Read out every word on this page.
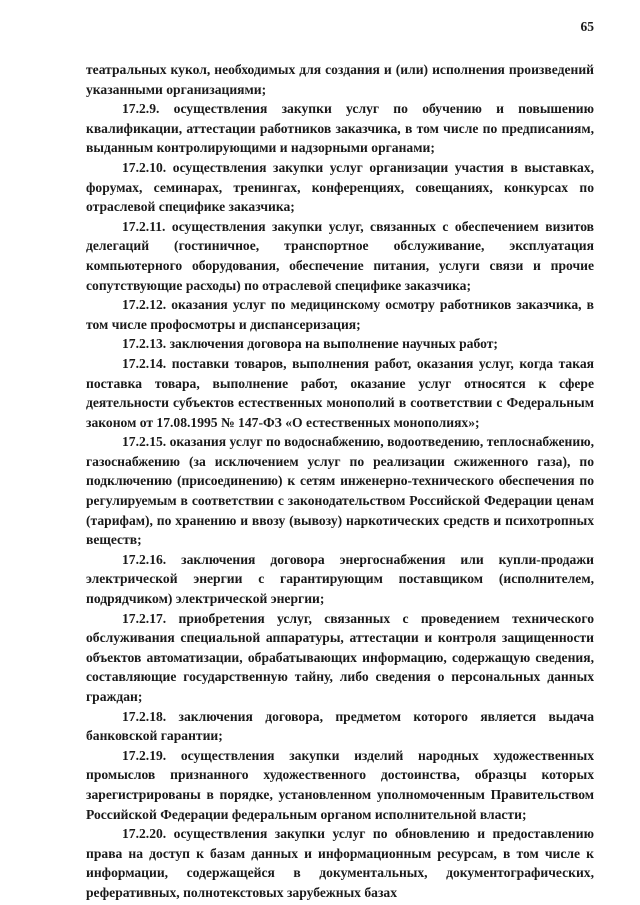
65

театральных кукол, необходимых для создания и (или) исполнения произведений указанными организациями;

17.2.9. осуществления закупки услуг по обучению и повышению квалификации, аттестации работников заказчика, в том числе по предписаниям, выданным контролирующими и надзорными органами;

17.2.10. осуществления закупки услуг организации участия в выставках, форумах, семинарах, тренингах, конференциях, совещаниях, конкурсах по отраслевой специфике заказчика;

17.2.11. осуществления закупки услуг, связанных с обеспечением визитов делегаций (гостиничное, транспортное обслуживание, эксплуатация компьютерного оборудования, обеспечение питания, услуги связи и прочие сопутствующие расходы) по отраслевой специфике заказчика;

17.2.12. оказания услуг по медицинскому осмотру работников заказчика, в том числе профосмотры и диспансеризация;

17.2.13. заключения договора на выполнение научных работ;

17.2.14. поставки товаров, выполнения работ, оказания услуг, когда такая поставка товара, выполнение работ, оказание услуг относятся к сфере деятельности субъектов естественных монополий в соответствии с Федеральным законом от 17.08.1995 № 147-ФЗ «О естественных монополиях»;

17.2.15. оказания услуг по водоснабжению, водоотведению, теплоснабжению, газоснабжению (за исключением услуг по реализации сжиженного газа), по подключению (присоединению) к сетям инженерно-технического обеспечения по регулируемым в соответствии с законодательством Российской Федерации ценам (тарифам), по хранению и ввозу (вывозу) наркотических средств и психотропных веществ;

17.2.16. заключения договора энергоснабжения или купли-продажи электрической энергии с гарантирующим поставщиком (исполнителем, подрядчиком) электрической энергии;

17.2.17. приобретения услуг, связанных с проведением технического обслуживания специальной аппаратуры, аттестации и контроля защищенности объектов автоматизации, обрабатывающих информацию, содержащую сведения, составляющие государственную тайну, либо сведения о персональных данных граждан;

17.2.18. заключения договора, предметом которого является выдача банковской гарантии;

17.2.19. осуществления закупки изделий народных художественных промыслов признанного художественного достоинства, образцы которых зарегистрированы в порядке, установленном уполномоченным Правительством Российской Федерации федеральным органом исполнительной власти;

17.2.20. осуществления закупки услуг по обновлению и предоставлению права на доступ к базам данных и информационным ресурсам, в том числе к информации, содержащейся в документальных, документографических, реферативных, полнотекстовых зарубежных базах
